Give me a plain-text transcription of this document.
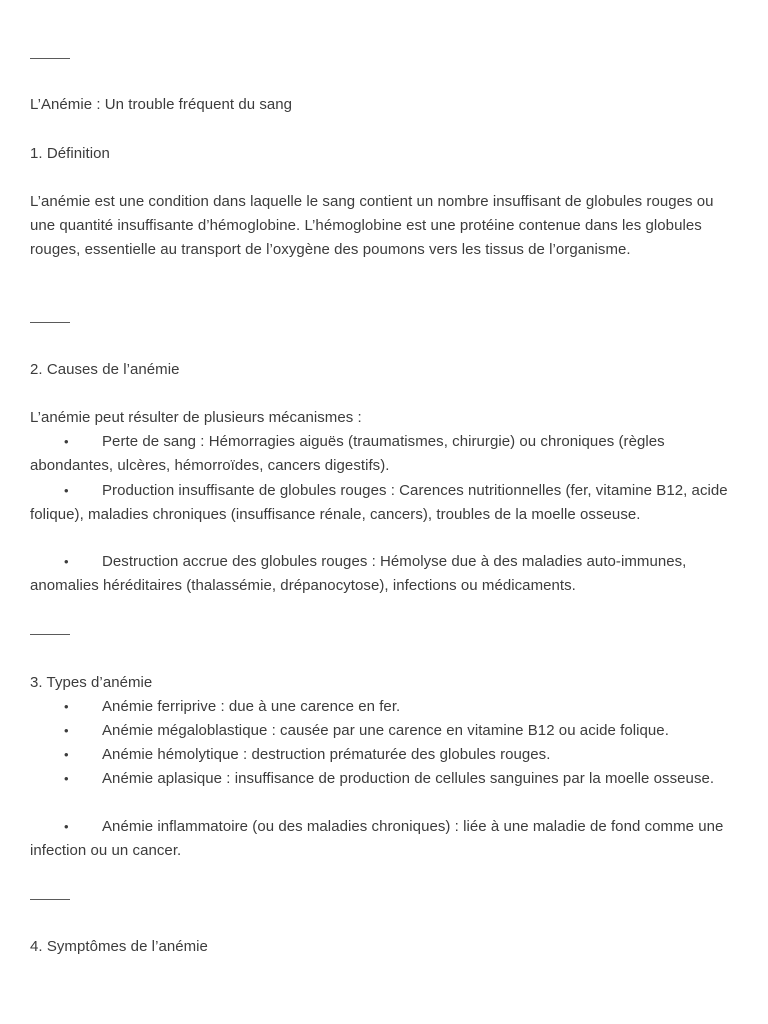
L’Anémie : Un trouble fréquent du sang
1. Définition
L’anémie est une condition dans laquelle le sang contient un nombre insuffisant de globules rouges ou une quantité insuffisante d’hémoglobine. L’hémoglobine est une protéine contenue dans les globules rouges, essentielle au transport de l’oxygène des poumons vers les tissus de l’organisme.
2. Causes de l’anémie
L’anémie peut résulter de plusieurs mécanismes :
• Perte de sang : Hémorragies aiguës (traumatismes, chirurgie) ou chroniques (règles abondantes, ulcères, hémorroïdes, cancers digestifs).
• Production insuffisante de globules rouges : Carences nutritionnelles (fer, vitamine B12, acide folique), maladies chroniques (insuffisance rénale, cancers), troubles de la moelle osseuse.
• Destruction accrue des globules rouges : Hémolyse due à des maladies auto-immunes, anomalies héréditaires (thalassémie, drépanocytose), infections ou médicaments.
3. Types d’anémie
• Anémie ferriprive : due à une carence en fer.
• Anémie mégaloblastique : causée par une carence en vitamine B12 ou acide folique.
• Anémie hémolytique : destruction prématurée des globules rouges.
• Anémie aplasique : insuffisance de production de cellules sanguines par la moelle osseuse.
• Anémie inflammatoire (ou des maladies chroniques) : liée à une maladie de fond comme une infection ou un cancer.
4. Symptômes de l’anémie
